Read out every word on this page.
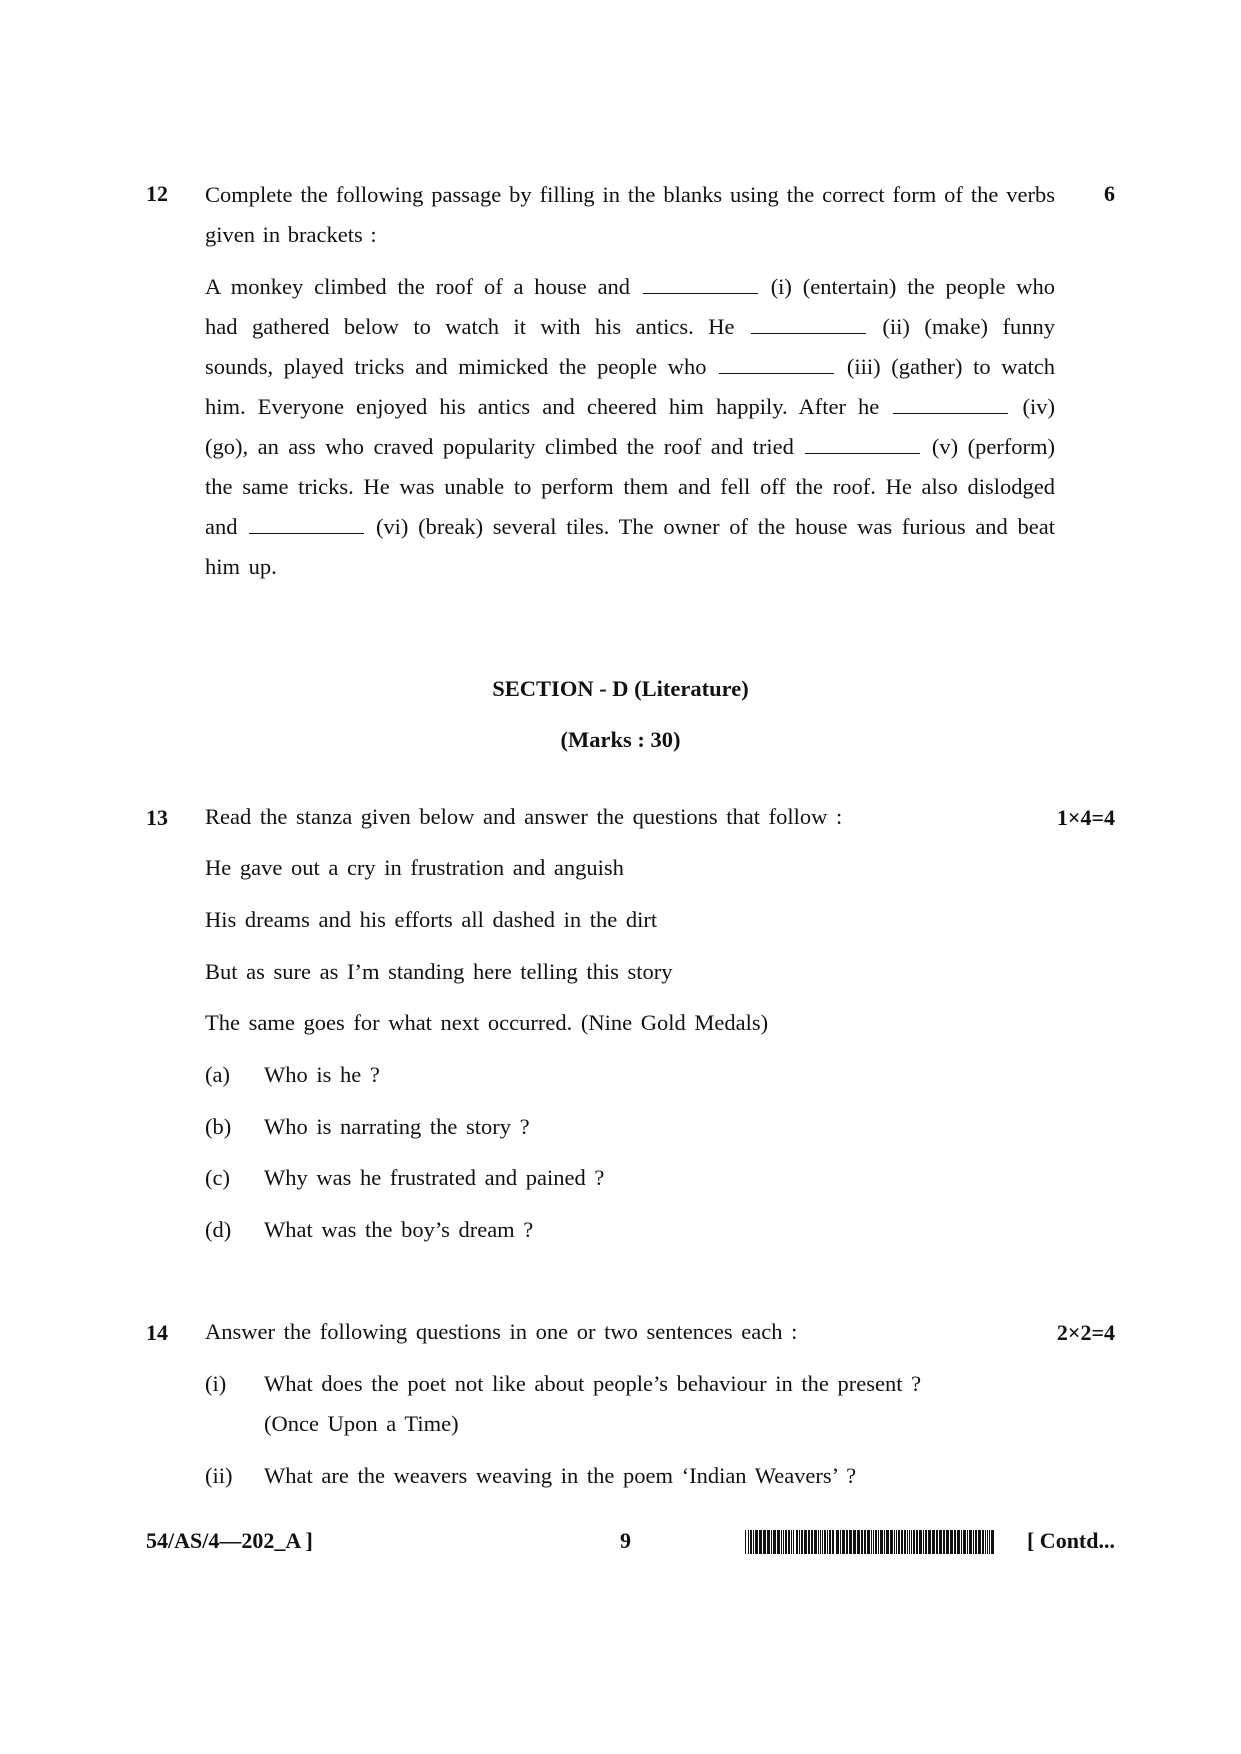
12 Complete the following passage by filling in the blanks using the correct form of the verbs given in brackets :
6
A monkey climbed the roof of a house and	(i) (entertain) the people who had gathered below to watch it with his antics. He	(ii) (make) funny sounds, played tricks and mimicked the people who	(iii) (gather) to watch him. Everyone enjoyed his antics and cheered him happily. After he	(iv) (go), an ass who craved popularity climbed the roof and tried	(v) (perform) the same tricks. He was unable to perform them and fell off the roof. He also dislodged and	(vi) (break) several tiles. The owner of the house was furious and beat him up.
SECTION - D (Literature)
(Marks : 30)
13 Read the stanza given below and answer the questions that follow :	1×4=4
He gave out a cry in frustration and anguish
His dreams and his efforts all dashed in the dirt
But as sure as I’m standing here telling this story
The same goes for what next occurred. (Nine Gold Medals)
(a) Who is he ?
(b) Who is narrating the story ?
(c) Why was he frustrated and pained ?
(d) What was the boy’s dream ?
14 Answer the following questions in one or two sentences each :	2×2=4
(i) What does the poet not like about people’s behaviour in the present ?
(Once Upon a Time)
(ii) What are the weavers weaving in the poem ‘Indian Weavers’ ?
54/AS/4—202_A ]	9	[ Contd...
